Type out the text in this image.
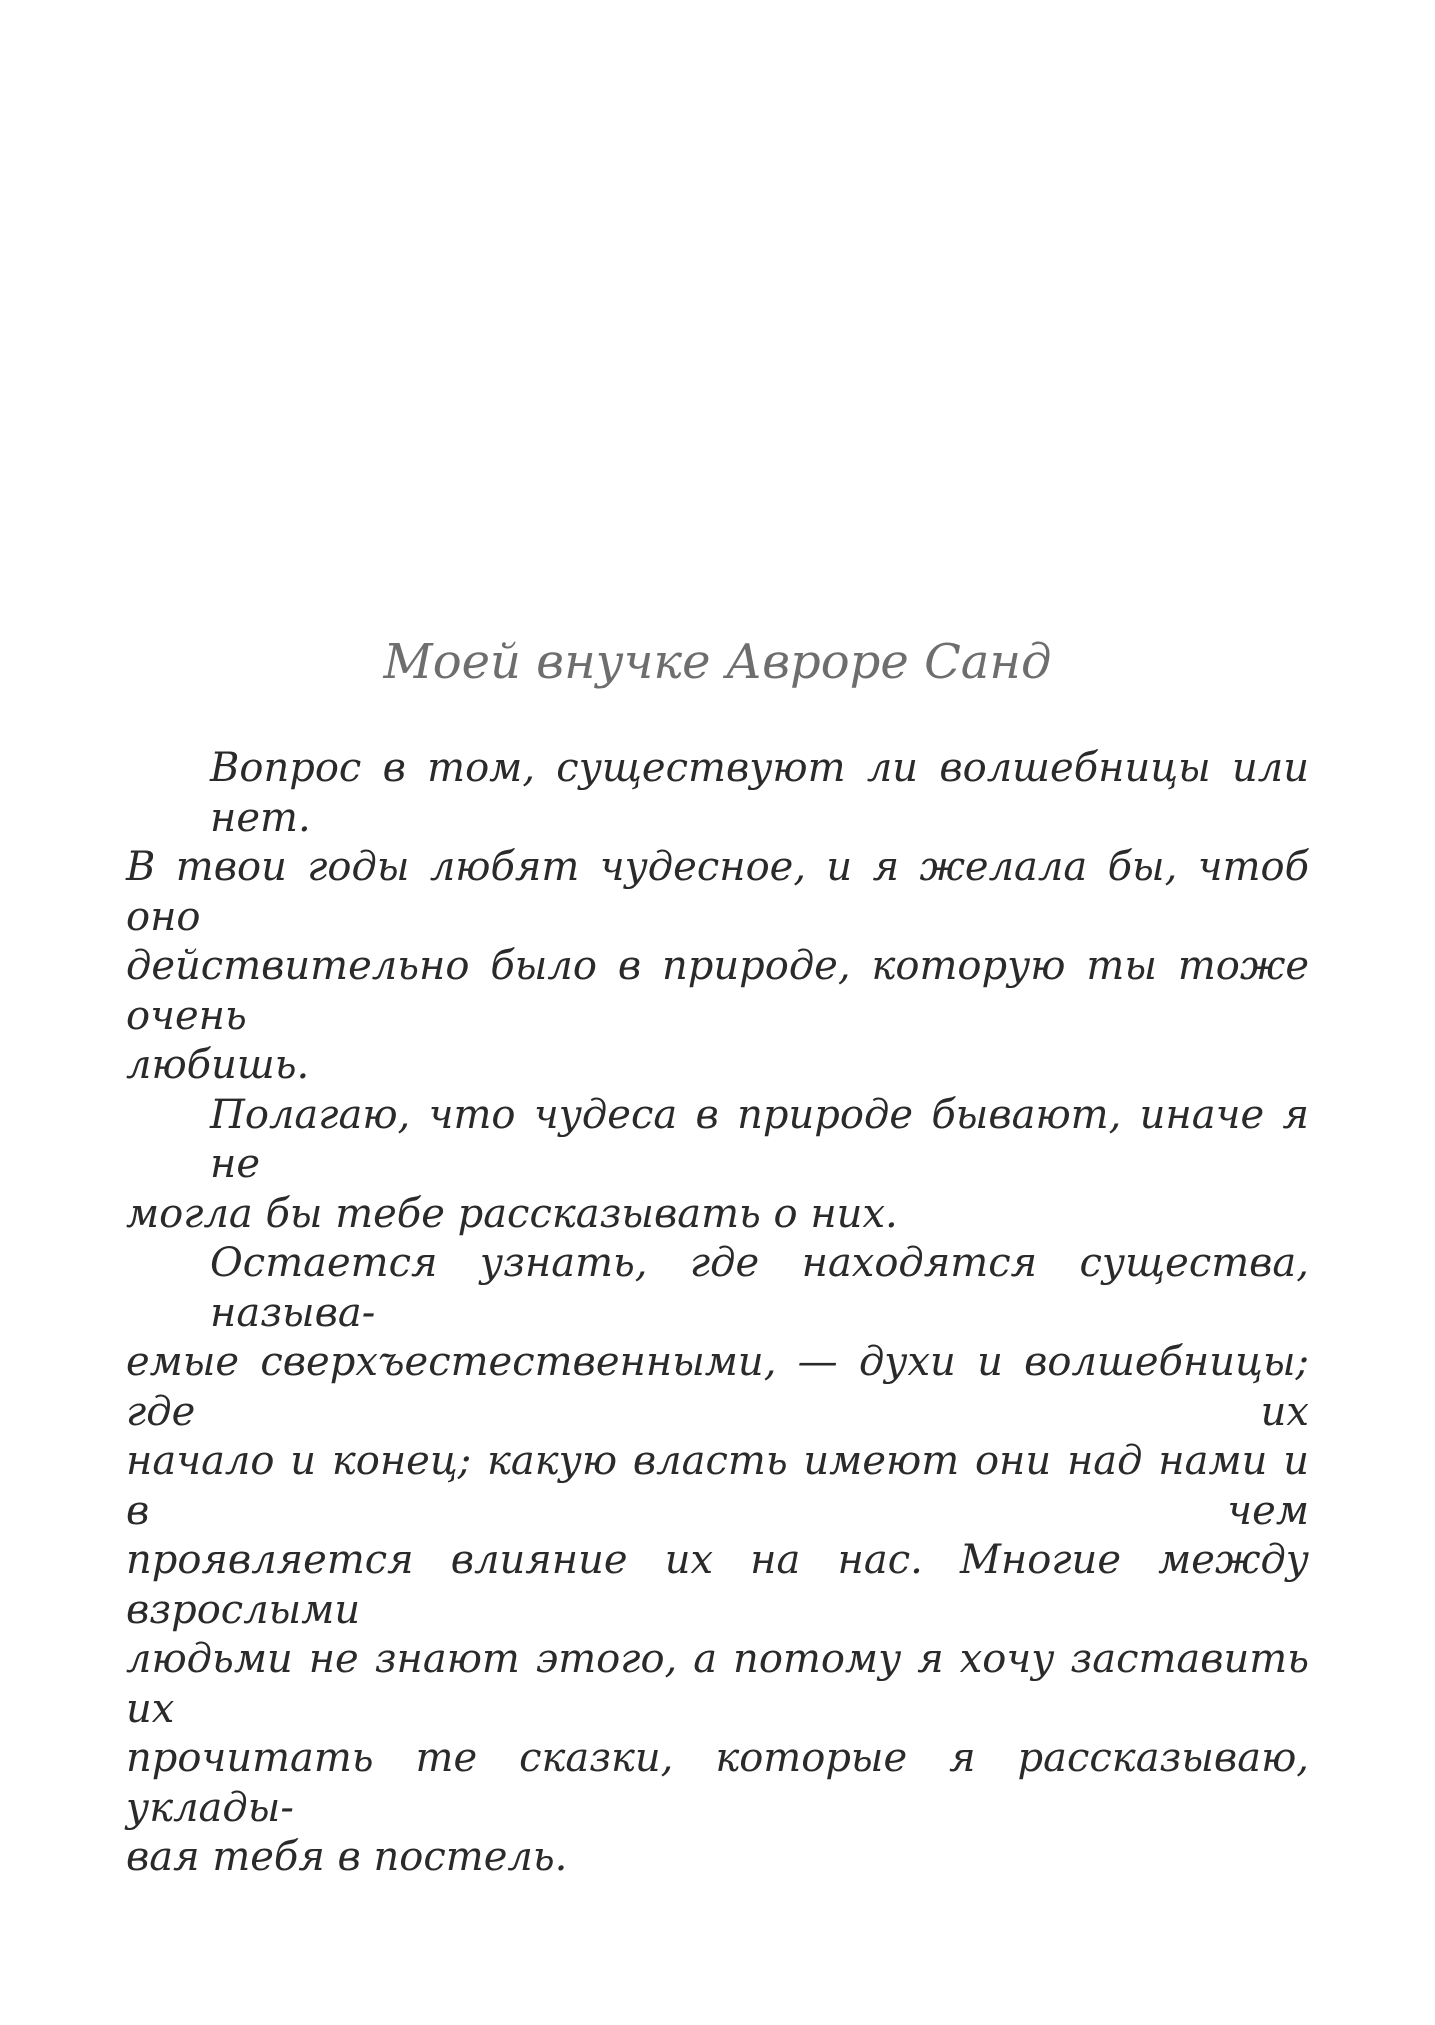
Моей внучке Авроре Санд

Вопрос в том, существуют ли волшебницы или нет.
В твои годы любят чудесное, и я желала бы, чтоб оно
действительно было в природе, которую ты тоже очень
любишь.
Полагаю, что чудеса в природе бывают, иначе я не
могла бы тебе рассказывать о них.
Остается узнать, где находятся существа, называ-
емые сверхъестественными, — духи и волшебницы; где их
начало и конец; какую власть имеют они над нами и в чем
проявляется влияние их на нас. Многие между взрослыми
людьми не знают этого, а потому я хочу заставить их
прочитать те сказки, которые я рассказываю, уклады-
вая тебя в постель.
